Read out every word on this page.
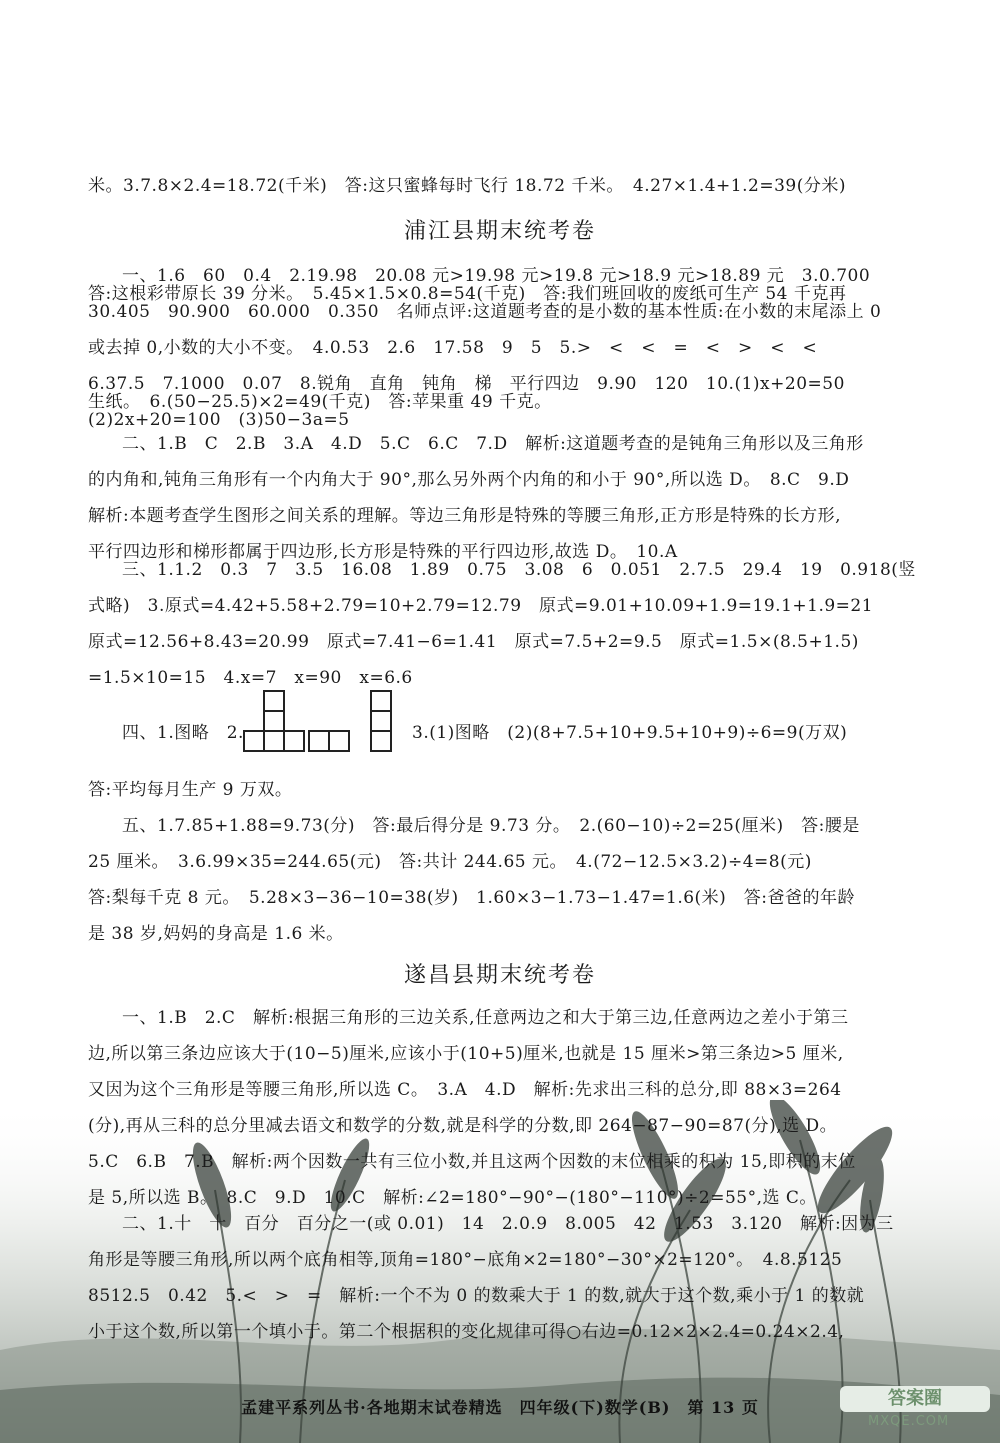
米。3.7.8×2.4=18.72(千米)　答:这只蜜蜂每时飞行 18.72 千米。　4.27×1.4+1.2=39(分米)

答:这根彩带原长 39 分米。　5.45×1.5×0.8=54(千克)　答:我们班回收的废纸可生产 54 千克再

生纸。　6.(50−25.5)×2=49(千克)　答:苹果重 49 千克。

浦江县期末统考卷
一、1.6　60　0.4　2.19.98　20.08 元>19.98 元>19.8 元>18.9 元>18.89 元　3.0.700
30.405　90.900　60.000　0.350　名师点评:这道题考查的是小数的基本性质:在小数的末尾添上 0
或去掉 0,小数的大小不变。　4.0.53　2.6　17.58　9　5　5.>　<　<　=　<　>　<　<
6.37.5　7.1000　0.07　8.锐角　直角　钝角　梯　平行四边　9.90　120　10.(1)x+20=50
(2)2x+20=100　(3)50−3a=5
二、1.B　C　2.B　3.A　4.D　5.C　6.C　7.D　解析:这道题考查的是钝角三角形以及三角形
的内角和,钝角三角形有一个内角大于 90°,那么另外两个内角的和小于 90°,所以选 D。　8.C　9.D
解析:本题考查学生图形之间关系的理解。等边三角形是特殊的等腰三角形,正方形是特殊的长方形,
平行四边形和梯形都属于四边形,长方形是特殊的平行四边形,故选 D。　10.A
三、1.1.2　0.3　7　3.5　16.08　1.89　0.75　3.08　6　0.051　2.7.5　29.4　19　0.918(竖
式略)　3.原式=4.42+5.58+2.79=10+2.79=12.79　原式=9.01+10.09+1.9=19.1+1.9=21
原式=12.56+8.43=20.99　原式=7.41−6=1.41　原式=7.5+2=9.5　原式=1.5×(8.5+1.5)
=1.5×10=15　4.x=7　x=90　x=6.6
四、1.图略　2.	3.(1)图略　(2)(8+7.5+10+9.5+10+9)÷6=9(万双)
答:平均每月生产 9 万双。
五、1.7.85+1.88=9.73(分)　答:最后得分是 9.73 分。　2.(60−10)÷2=25(厘米)　答:腰是
25 厘米。　3.6.99×35=244.65(元)　答:共计 244.65 元。　4.(72−12.5×3.2)÷4=8(元)
答:梨每千克 8 元。　5.28×3−36−10=38(岁)　1.60×3−1.73−1.47=1.6(米)　答:爸爸的年龄
是 38 岁,妈妈的身高是 1.6 米。
遂昌县期末统考卷
一、1.B　2.C　解析:根据三角形的三边关系,任意两边之和大于第三边,任意两边之差小于第三
边,所以第三条边应该大于(10−5)厘米,应该小于(10+5)厘米,也就是 15 厘米>第三条边>5 厘米,
又因为这个三角形是等腰三角形,所以选 C。　3.A　4.D　解析:先求出三科的总分,即 88×3=264
(分),再从三科的总分里减去语文和数学的分数,就是科学的分数,即 264−87−90=87(分),选 D。
5.C　6.B　7.B　解析:两个因数一共有三位小数,并且这两个因数的末位相乘的积为 15,即积的末位
是 5,所以选 B。　8.C　9.D　10.C　解析:∠2=180°−90°−(180°−110°)÷2=55°,选 C。
二、1.十　十　百分　百分之一(或 0.01)　14　2.0.9　8.005　42　1.53　3.120　解析:因为三
角形是等腰三角形,所以两个底角相等,顶角=180°−底角×2=180°−30°×2=120°。　4.8.5125
8512.5　0.42　5.<　>　=　解析:一个不为 0 的数乘大于 1 的数,就大于这个数,乘小于 1 的数就
小于这个数,所以第一个填小于。第二个根据积的变化规律可得○右边=0.12×2×2.4=0.24×2.4,
孟建平系列丛书·各地期末试卷精选　四年级(下)数学(B)　第 13 页	答案圈
MXQE.COM
